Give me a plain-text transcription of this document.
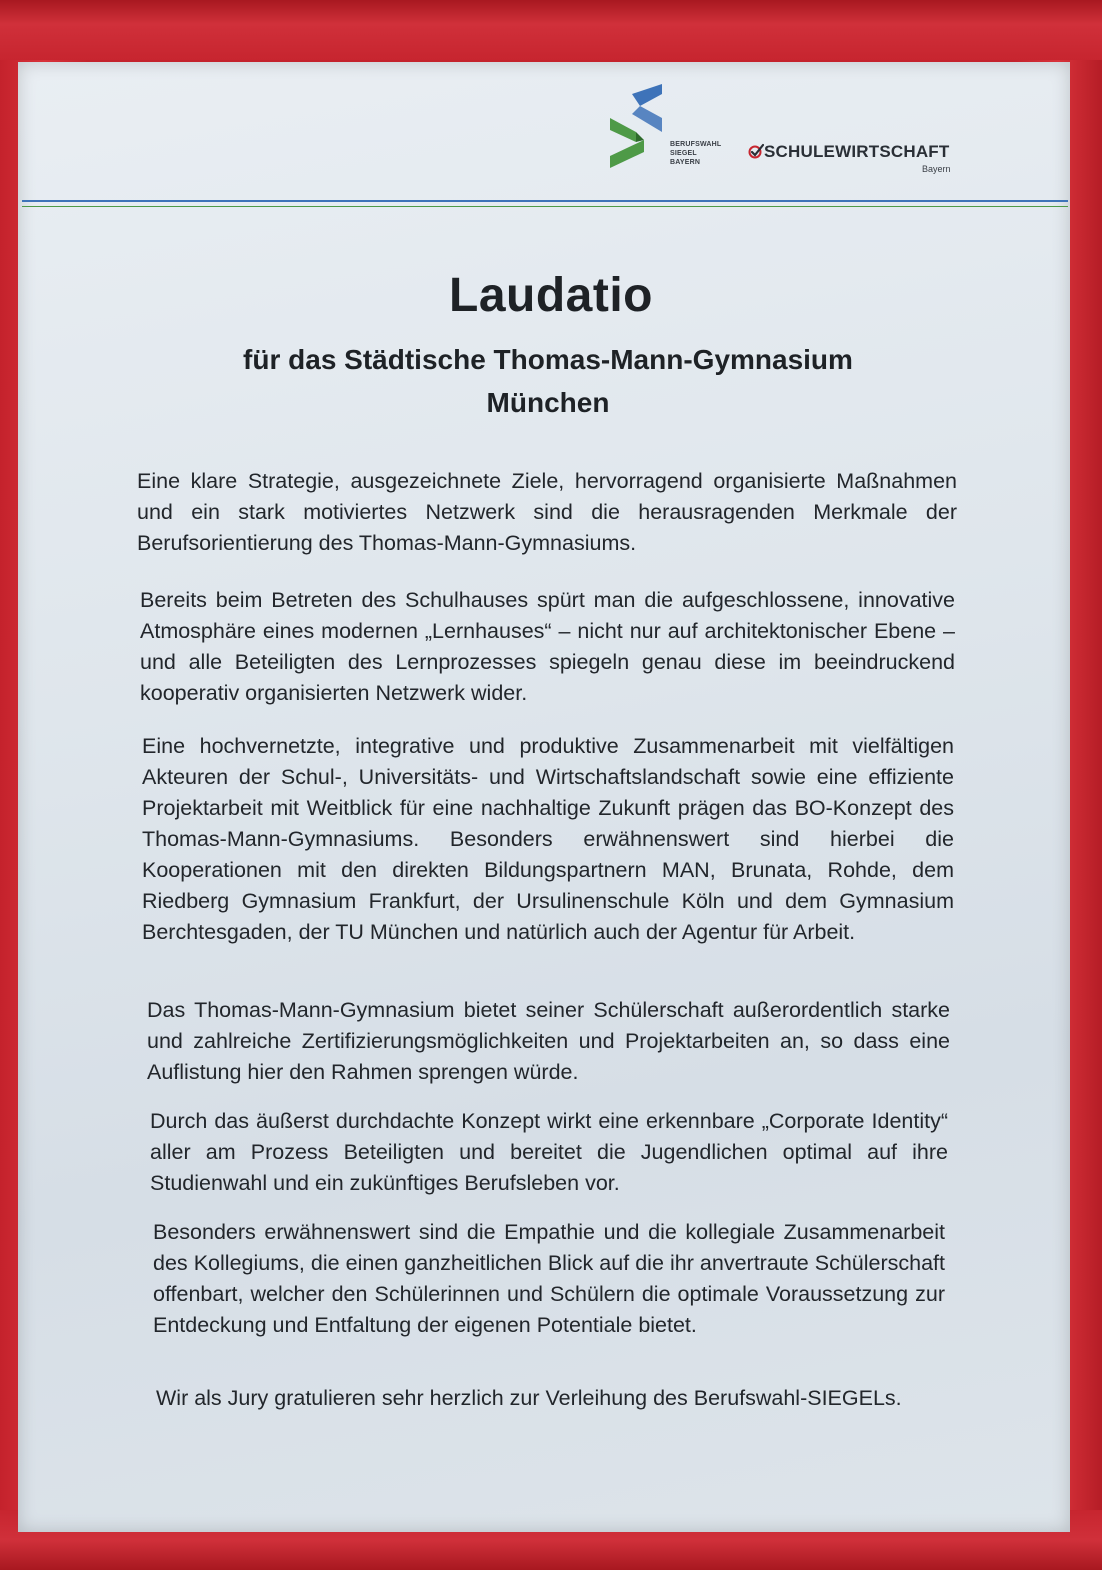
BERUFSWAHL
SIEGEL
BAYERN
SCHULEWIRTSCHAFT
Bayern
Laudatio
für das Städtische Thomas-Mann-Gymnasium
München

Eine klare Strategie, ausgezeichnete Ziele, hervorragend organisierte Maßnahmen und ein stark motiviertes Netzwerk sind die herausragenden Merkmale der Berufsorientierung des Thomas-Mann-Gymnasiums.

Bereits beim Betreten des Schulhauses spürt man die aufgeschlossene, innovative Atmosphäre eines modernen „Lernhauses“ – nicht nur auf architektonischer Ebene – und alle Beteiligten des Lernprozesses spiegeln genau diese im beeindruckend kooperativ organisierten Netzwerk wider.

Eine hochvernetzte, integrative und produktive Zusammenarbeit mit vielfältigen Akteuren der Schul-, Universitäts- und Wirtschaftslandschaft sowie eine effiziente Projektarbeit mit Weitblick für eine nachhaltige Zukunft prägen das BO-Konzept des Thomas-Mann-Gymnasiums. Besonders erwähnenswert sind hierbei die Kooperationen mit den direkten Bildungspartnern MAN, Brunata, Rohde, dem Riedberg Gymnasium Frankfurt, der Ursulinenschule Köln und dem Gymnasium Berchtesgaden, der TU München und natürlich auch der Agentur für Arbeit.

Das Thomas-Mann-Gymnasium bietet seiner Schülerschaft außerordentlich starke und zahlreiche Zertifizierungsmöglichkeiten und Projektarbeiten an, so dass eine Auflistung hier den Rahmen sprengen würde.

Durch das äußerst durchdachte Konzept wirkt eine erkennbare „Corporate Identity“ aller am Prozess Beteiligten und bereitet die Jugendlichen optimal auf ihre Studienwahl und ein zukünftiges Berufsleben vor.

Besonders erwähnenswert sind die Empathie und die kollegiale Zusammenarbeit des Kollegiums, die einen ganzheitlichen Blick auf die ihr anvertraute Schülerschaft offenbart, welcher den Schülerinnen und Schülern die optimale Voraussetzung zur Entdeckung und Entfaltung der eigenen Potentiale bietet.

Wir als Jury gratulieren sehr herzlich zur Verleihung des Berufswahl-SIEGELs.
